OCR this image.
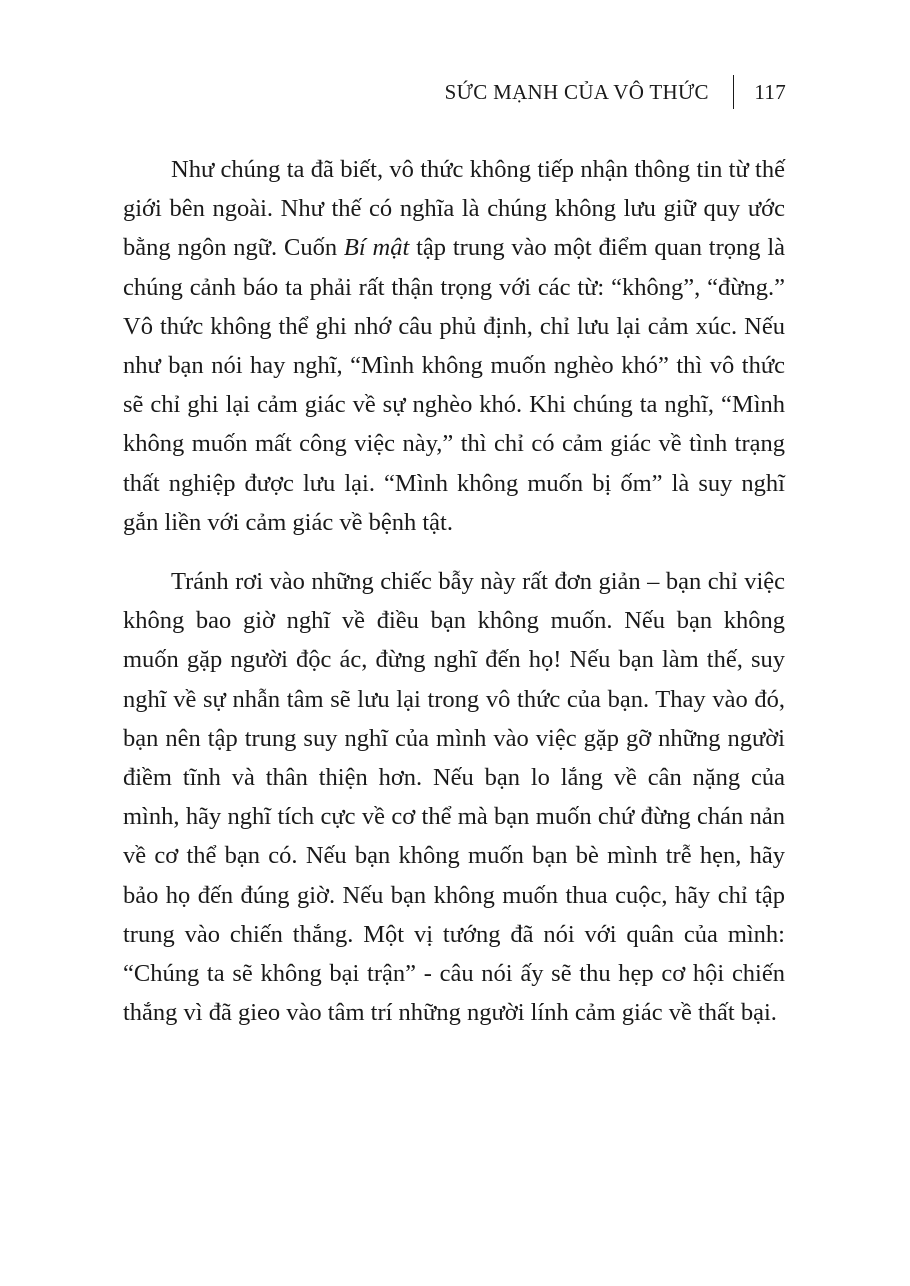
SỨC MẠNH CỦA VÔ THỨC 117

Như chúng ta đã biết, vô thức không tiếp nhận thông tin từ thế giới bên ngoài. Như thế có nghĩa là chúng không lưu giữ quy ước bằng ngôn ngữ. Cuốn Bí mật tập trung vào một điểm quan trọng là chúng cảnh báo ta phải rất thận trọng với các từ: “không”, “đừng.” Vô thức không thể ghi nhớ câu phủ định, chỉ lưu lại cảm xúc. Nếu như bạn nói hay nghĩ, “Mình không muốn nghèo khó” thì vô thức sẽ chỉ ghi lại cảm giác về sự nghèo khó. Khi chúng ta nghĩ, “Mình không muốn mất công việc này,” thì chỉ có cảm giác về tình trạng thất nghiệp được lưu lại. “Mình không muốn bị ốm” là suy nghĩ gắn liền với cảm giác về bệnh tật.

Tránh rơi vào những chiếc bẫy này rất đơn giản – bạn chỉ việc không bao giờ nghĩ về điều bạn không muốn. Nếu bạn không muốn gặp người độc ác, đừng nghĩ đến họ! Nếu bạn làm thế, suy nghĩ về sự nhẫn tâm sẽ lưu lại trong vô thức của bạn. Thay vào đó, bạn nên tập trung suy nghĩ của mình vào việc gặp gỡ những người điềm tĩnh và thân thiện hơn. Nếu bạn lo lắng về cân nặng của mình, hãy nghĩ tích cực về cơ thể mà bạn muốn chứ đừng chán nản về cơ thể bạn có. Nếu bạn không muốn bạn bè mình trễ hẹn, hãy bảo họ đến đúng giờ. Nếu bạn không muốn thua cuộc, hãy chỉ tập trung vào chiến thắng. Một vị tướng đã nói với quân của mình: “Chúng ta sẽ không bại trận” - câu nói ấy sẽ thu hẹp cơ hội chiến thắng vì đã gieo vào tâm trí những người lính cảm giác về thất bại.
